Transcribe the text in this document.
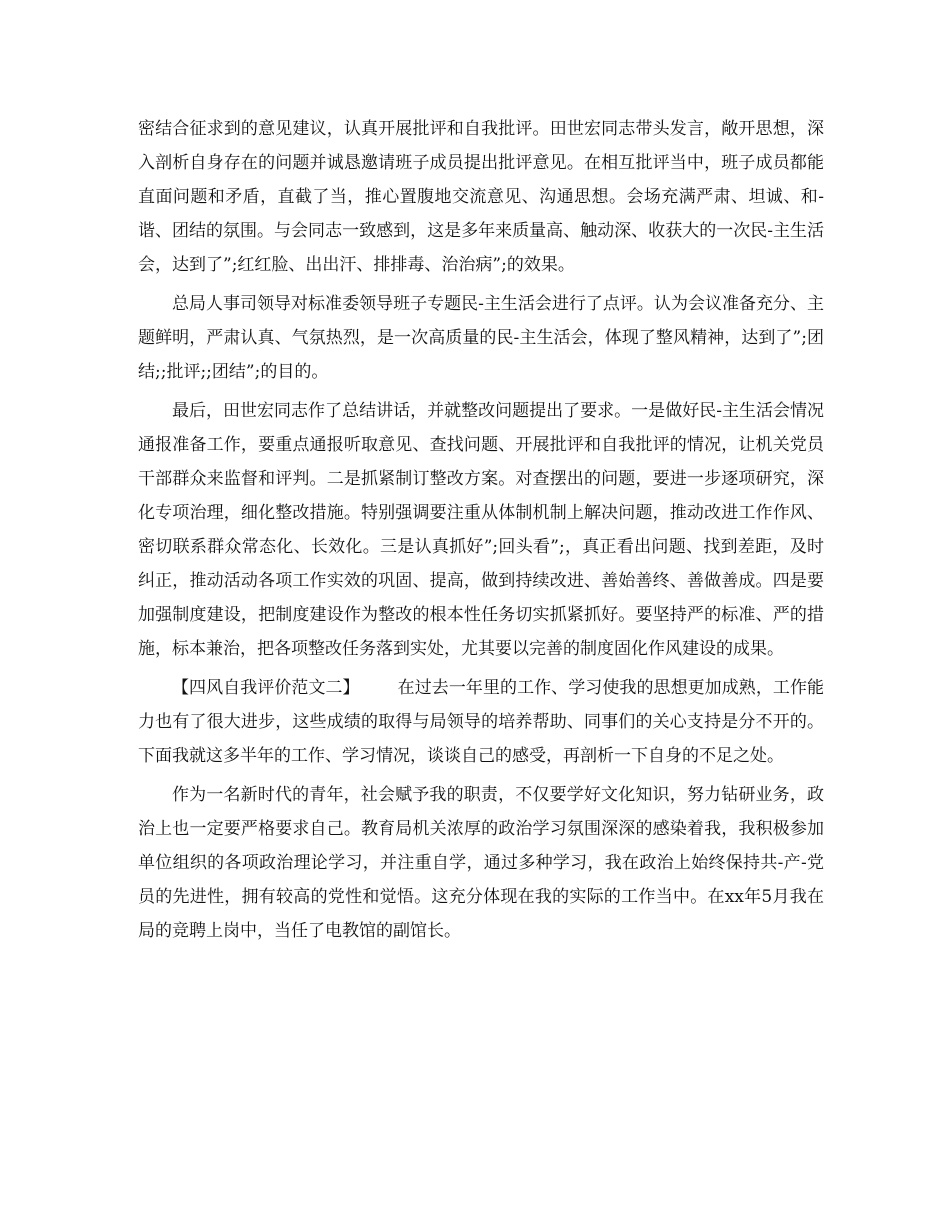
密结合征求到的意见建议，认真开展批评和自我批评。田世宏同志带头发言，敞开思想，深入剖析自身存在的问题并诚恳邀请班子成员提出批评意见。在相互批评当中，班子成员都能直面问题和矛盾，直截了当，推心置腹地交流意见、沟通思想。会场充满严肃、坦诚、和-谐、团结的氛围。与会同志一致感到，这是多年来质量高、触动深、收获大的一次民-主生活会，达到了”;红红脸、出出汗、排排毒、治治病”;的效果。

总局人事司领导对标准委领导班子专题民-主生活会进行了点评。认为会议准备充分、主题鲜明，严肃认真、气氛热烈，是一次高质量的民-主生活会，体现了整风精神，达到了”;团结;;批评;;团结”;的目的。

最后，田世宏同志作了总结讲话，并就整改问题提出了要求。一是做好民-主生活会情况通报准备工作，要重点通报听取意见、查找问题、开展批评和自我批评的情况，让机关党员干部群众来监督和评判。二是抓紧制订整改方案。对查摆出的问题，要进一步逐项研究，深化专项治理，细化整改措施。特别强调要注重从体制机制上解决问题，推动改进工作作风、密切联系群众常态化、长效化。三是认真抓好”;回头看”;，真正看出问题、找到差距，及时纠正，推动活动各项工作实效的巩固、提高，做到持续改进、善始善终、善做善成。四是要加强制度建设，把制度建设作为整改的根本性任务切实抓紧抓好。要坚持严的标准、严的措施，标本兼治，把各项整改任务落到实处，尤其要以完善的制度固化作风建设的成果。

【四风自我评价范文二】 在过去一年里的工作、学习使我的思想更加成熟，工作能力也有了很大进步，这些成绩的取得与局领导的培养帮助、同事们的关心支持是分不开的。下面我就这多半年的工作、学习情况，谈谈自己的感受，再剖析一下自身的不足之处。

作为一名新时代的青年，社会赋予我的职责，不仅要学好文化知识，努力钻研业务，政治上也一定要严格要求自己。教育局机关浓厚的政治学习氛围深深的感染着我，我积极参加单位组织的各项政治理论学习，并注重自学，通过多种学习，我在政治上始终保持共-产-党员的先进性，拥有较高的党性和觉悟。这充分体现在我的实际的工作当中。在xx年5月我在局的竞聘上岗中，当任了电教馆的副馆长。
